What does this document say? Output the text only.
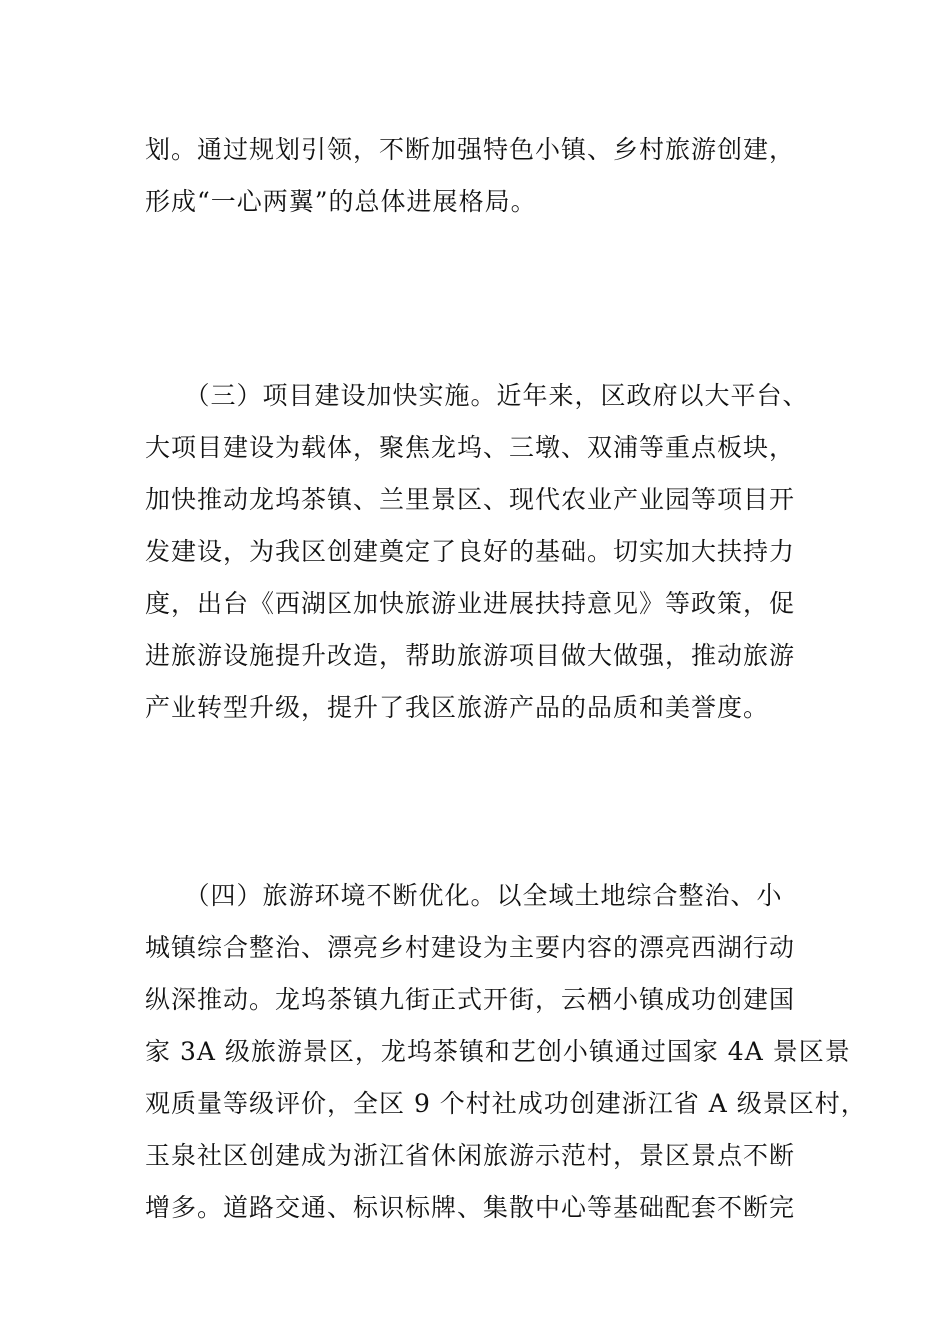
划。通过规划引领，不断加强特色小镇、乡村旅游创建，
形成“一心两翼”的总体进展格局。
　　（三）项目建设加快实施。近年来，区政府以大平台、
大项目建设为载体，聚焦龙坞、三墩、双浦等重点板块，
加快推动龙坞茶镇、兰里景区、现代农业产业园等项目开
发建设，为我区创建奠定了良好的基础。切实加大扶持力
度，出台《西湖区加快旅游业进展扶持意见》等政策，促
进旅游设施提升改造，帮助旅游项目做大做强，推动旅游
产业转型升级，提升了我区旅游产品的品质和美誉度。
　　（四）旅游环境不断优化。以全域土地综合整治、小
城镇综合整治、漂亮乡村建设为主要内容的漂亮西湖行动
纵深推动。龙坞茶镇九街正式开街，云栖小镇成功创建国
家 3A 级旅游景区，龙坞茶镇和艺创小镇通过国家 4A 景区景
观质量等级评价，全区 9 个村社成功创建浙江省 A 级景区村，
玉泉社区创建成为浙江省休闲旅游示范村，景区景点不断
增多。道路交通、标识标牌、集散中心等基础配套不断完
